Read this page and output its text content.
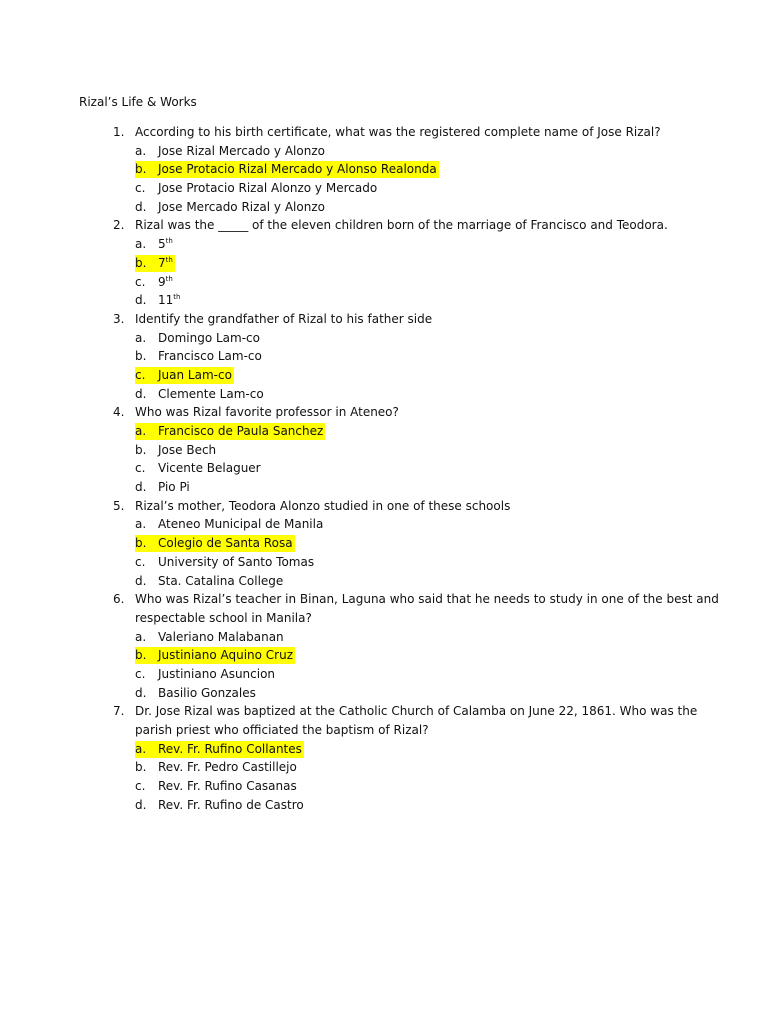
Rizal’s Life & Works
1. According to his birth certificate, what was the registered complete name of Jose Rizal?
a. Jose Rizal Mercado y Alonzo
b. Jose Protacio Rizal Mercado y Alonso Realonda
c. Jose Protacio Rizal Alonzo y Mercado
d. Jose Mercado Rizal y Alonzo
2. Rizal was the _____ of the eleven children born of the marriage of Francisco and Teodora.
a. 5th
b. 7th
c. 9th
d. 11th
3. Identify the grandfather of Rizal to his father side
a. Domingo Lam-co
b. Francisco Lam-co
c. Juan Lam-co
d. Clemente Lam-co
4. Who was Rizal favorite professor in Ateneo?
a. Francisco de Paula Sanchez
b. Jose Bech
c. Vicente Belaguer
d. Pio Pi
5. Rizal’s mother, Teodora Alonzo studied in one of these schools
a. Ateneo Municipal de Manila
b. Colegio de Santa Rosa
c. University of Santo Tomas
d. Sta. Catalina College
6. Who was Rizal’s teacher in Binan, Laguna who said that he needs to study in one of the best and
respectable school in Manila?
a. Valeriano Malabanan
b. Justiniano Aquino Cruz
c. Justiniano Asuncion
d. Basilio Gonzales
7. Dr. Jose Rizal was baptized at the Catholic Church of Calamba on June 22, 1861. Who was the
parish priest who officiated the baptism of Rizal?
a. Rev. Fr. Rufino Collantes
b. Rev. Fr. Pedro Castillejo
c. Rev. Fr. Rufino Casanas
d. Rev. Fr. Rufino de Castro
